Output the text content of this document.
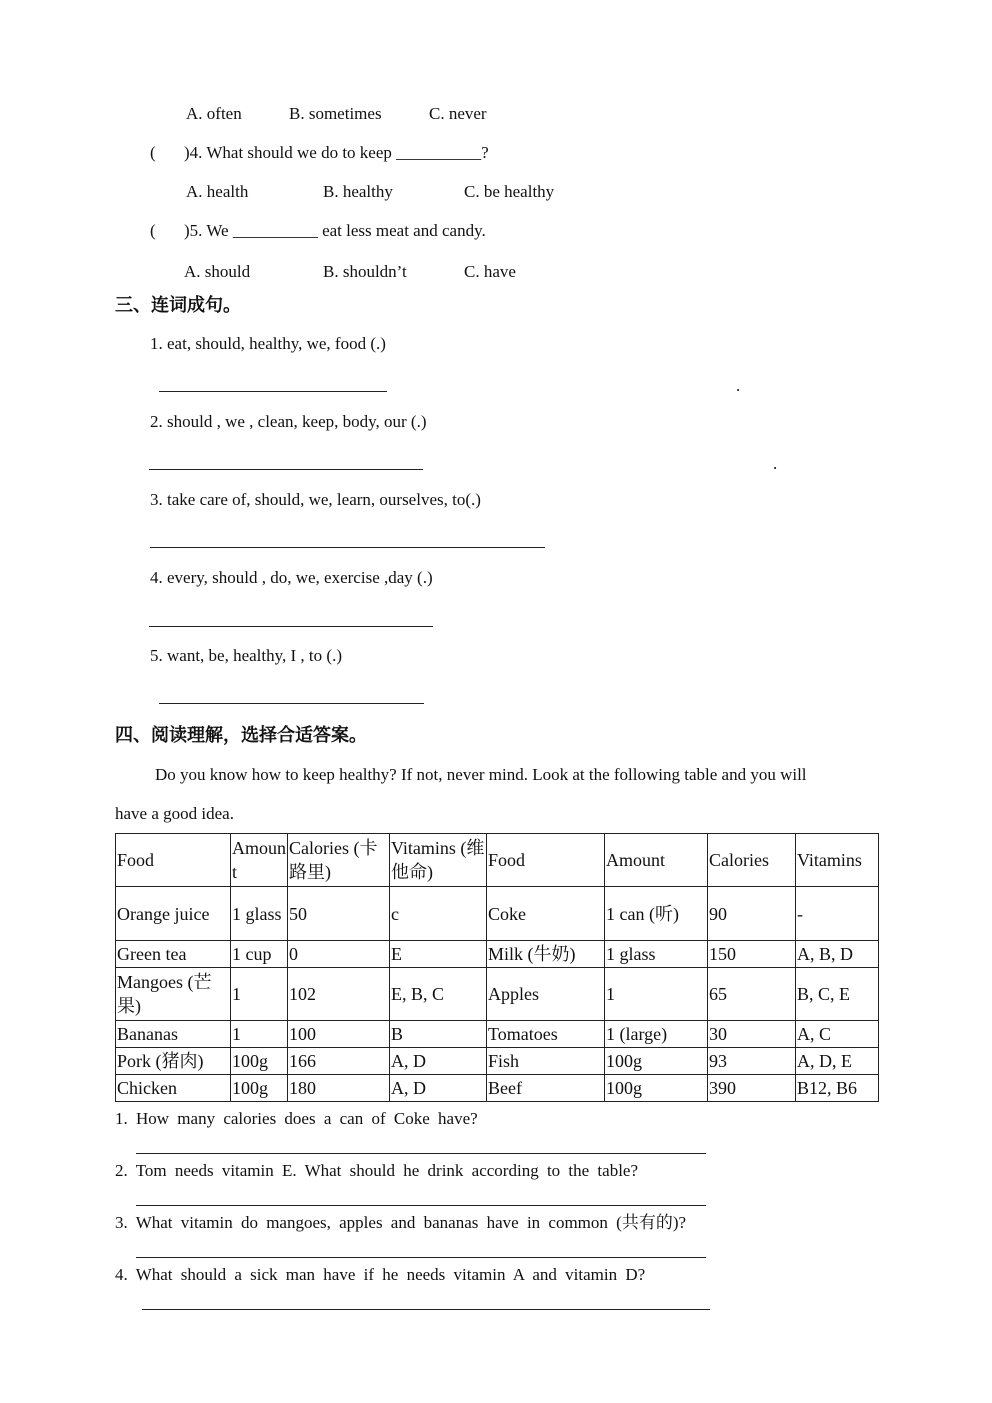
A. often	B. sometimes	C. never
( )4. What should we do to keep __________?
A. health	B. healthy	C. be healthy
( )5. We __________ eat less meat and candy.
A. should	B. shouldn’t	C. have
三、连词成句。
1. eat, should, healthy, we, food (.)
.
2. should , we , clean, keep, body, our (.)
.
3. take care of, should, we, learn, ourselves, to(.)
4. every, should , do, we, exercise ,day (.)
5. want, be, healthy, I , to (.)
四、阅读理解，选择合适答案。
Do you know how to keep healthy? If not, never mind. Look at the following table and you will
have a good idea.
Food	Amount	Calories (卡路里)	Vitamins (维他命)	Food	Amount	Calories	Vitamins
Orange juice	1 glass	50	c	Coke	1 can (听)	90	-
Green tea	1 cup	0	E	Milk (牛奶)	1 glass	150	A, B, D
Mangoes (芒果)	1	102	E, B, C	Apples	1	65	B, C, E
Bananas	1	100	B	Tomatoes	1 (large)	30	A, C
Pork (猪肉)	100g	166	A, D	Fish	100g	93	A, D, E
Chicken	100g	180	A, D	Beef	100g	390	B12, B6
1. How many calories does a can of Coke have?
2. Tom needs vitamin E. What should he drink according to the table?
3. What vitamin do mangoes, apples and bananas have in common (共有的)?
4. What should a sick man have if he needs vitamin A and vitamin D?
